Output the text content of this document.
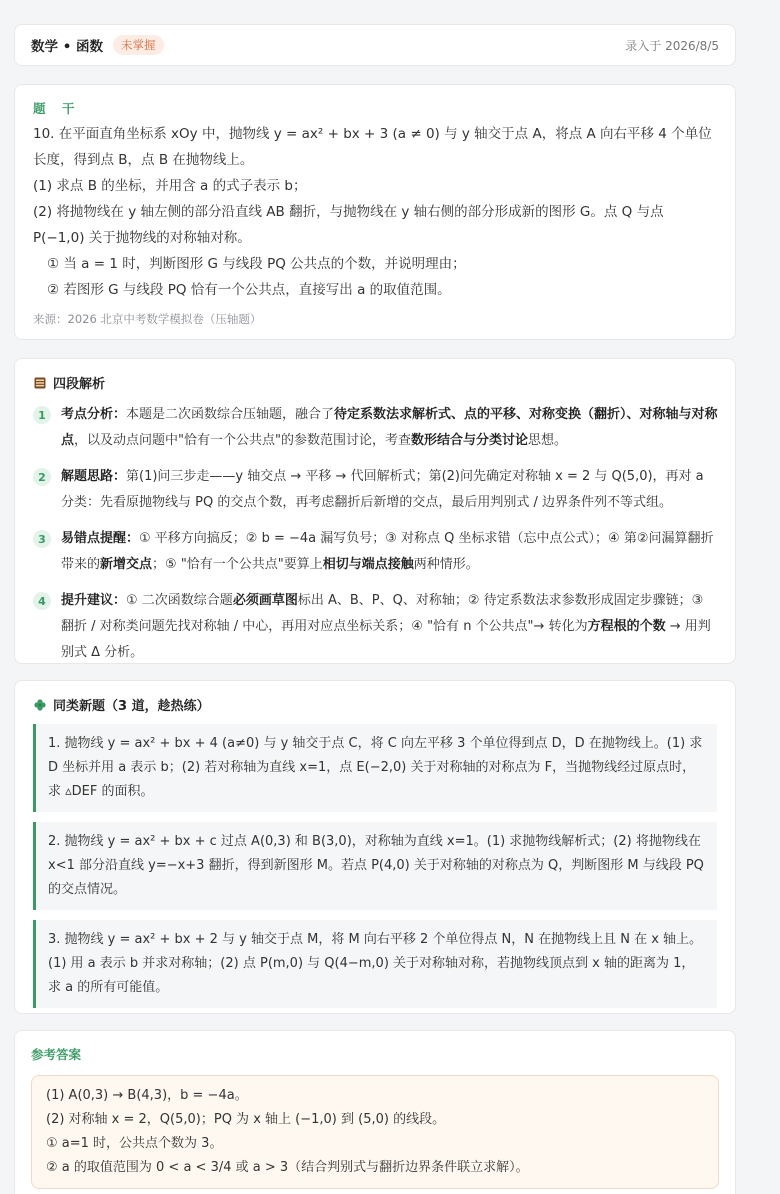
数学 • 函数	未掌握	录入于 2026/8/5
题　干

10. 在平面直角坐标系 xOy 中，抛物线 y = ax² + bx + 3 (a ≠ 0) 与 y 轴交于点 A，将点 A 向右平移 4 个单位

长度，得到点 B，点 B 在抛物线上。

(1) 求点 B 的坐标，并用含 a 的式子表示 b；

(2) 将抛物线在 y 轴左侧的部分沿直线 AB 翻折，与抛物线在 y 轴右侧的部分形成新的图形 G。点 Q 与点

P(−1,0) 关于抛物线的对称轴对称。

① 当 a = 1 时，判断图形 G 与线段 PQ 公共点的个数，并说明理由；

② 若图形 G 与线段 PQ 恰有一个公共点，直接写出 a 的取值范围。

来源：2026 北京中考数学模拟卷（压轴题）
四段解析
1	考点分析：本题是二次函数综合压轴题，融合了待定系数法求解析式、点的平移、对称变换（翻折）、对称轴与对称点，以及动点问题中"恰有一个公共点"的参数范围讨论，考查数形结合与分类讨论思想。
2	解题思路：第(1)问三步走——y 轴交点 → 平移 → 代回解析式；第(2)问先确定对称轴 x = 2 与 Q(5,0)，再对 a 分类：先看原抛物线与 PQ 的交点个数，再考虑翻折后新增的交点，最后用判别式 / 边界条件列不等式组。
3	易错点提醒：① 平移方向搞反；② b = −4a 漏写负号；③ 对称点 Q 坐标求错（忘中点公式）；④ 第②问漏算翻折带来的新增交点；⑤ "恰有一个公共点"要算上相切与端点接触两种情形。
4	提升建议：① 二次函数综合题必须画草图标出 A、B、P、Q、对称轴；② 待定系数法求参数形成固定步骤链；③ 翻折 / 对称类问题先找对称轴 / 中心，再用对应点坐标关系；④ "恰有 n 个公共点"→ 转化为方程根的个数 → 用判别式 Δ 分析。
同类新题（3 道，趁热练）
1. 抛物线 y = ax² + bx + 4 (a≠0) 与 y 轴交于点 C，将 C 向左平移 3 个单位得到点 D，D 在抛物线上。(1) 求 D 坐标并用 a 表示 b；(2) 若对称轴为直线 x=1，点 E(−2,0) 关于对称轴的对称点为 F，当抛物线经过原点时，求 ▵DEF 的面积。
2. 抛物线 y = ax² + bx + c 过点 A(0,3) 和 B(3,0)，对称轴为直线 x=1。(1) 求抛物线解析式；(2) 将抛物线在 x<1 部分沿直线 y=−x+3 翻折，得到新图形 M。若点 P(4,0) 关于对称轴的对称点为 Q，判断图形 M 与线段 PQ 的交点情况。
3. 抛物线 y = ax² + bx + 2 与 y 轴交于点 M，将 M 向右平移 2 个单位得点 N，N 在抛物线上且 N 在 x 轴上。(1) 用 a 表示 b 并求对称轴；(2) 点 P(m,0) 与 Q(4−m,0) 关于对称轴对称，若抛物线顶点到 x 轴的距离为 1，求 a 的所有可能值。
参考答案
(1) A(0,3) → B(4,3)，b = −4a。
(2) 对称轴 x = 2，Q(5,0)；PQ 为 x 轴上 (−1,0) 到 (5,0) 的线段。
① a=1 时，公共点个数为 3。
② a 的取值范围为 0 < a < 3/4 或 a > 3（结合判别式与翻折边界条件联立求解）。
